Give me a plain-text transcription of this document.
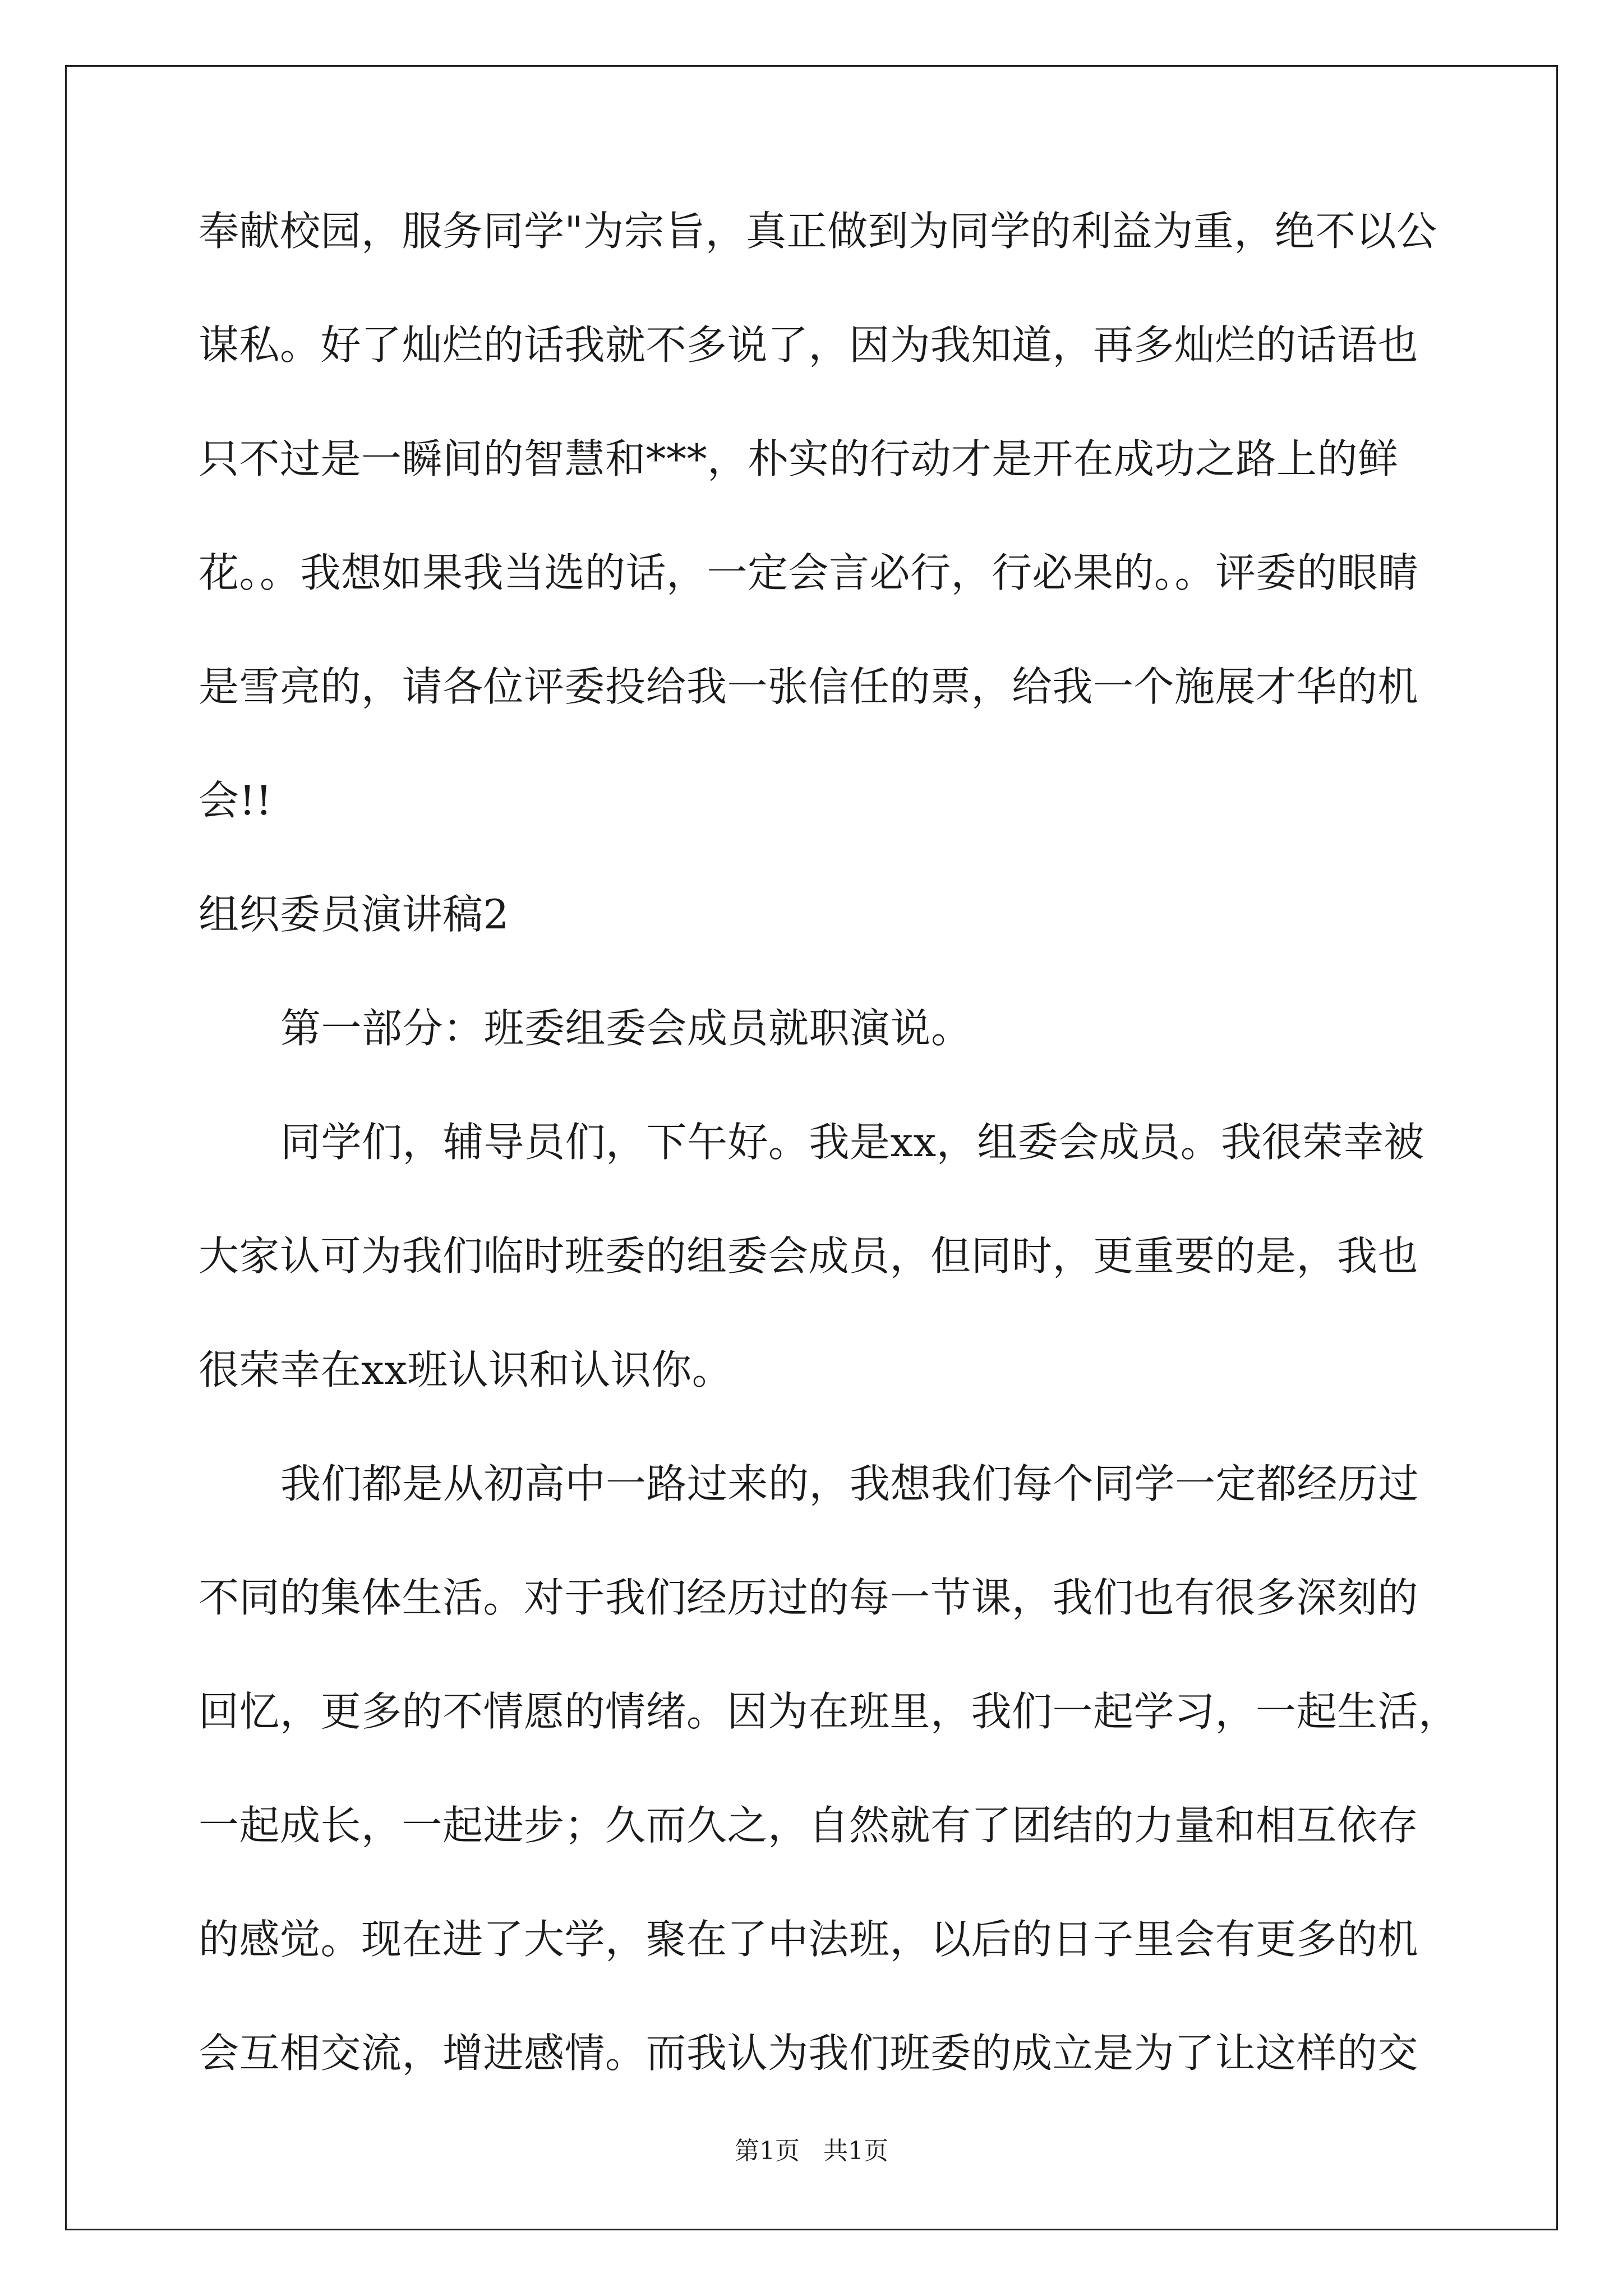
奉献校园，服务同学"为宗旨，真正做到为同学的利益为重，绝不以公
谋私。好了灿烂的话我就不多说了，因为我知道，再多灿烂的话语也
只不过是一瞬间的智慧和***，朴实的行动才是开在成功之路上的鲜
花。。我想如果我当选的话，一定会言必行，行必果的。。评委的眼睛
是雪亮的，请各位评委投给我一张信任的票，给我一个施展才华的机
会!!
组织委员演讲稿2
第一部分：班委组委会成员就职演说。
同学们，辅导员们，下午好。我是xx，组委会成员。我很荣幸被
大家认可为我们临时班委的组委会成员，但同时，更重要的是，我也
很荣幸在xx班认识和认识你。
我们都是从初高中一路过来的，我想我们每个同学一定都经历过
不同的集体生活。对于我们经历过的每一节课，我们也有很多深刻的
回忆，更多的不情愿的情绪。因为在班里，我们一起学习，一起生活，
一起成长，一起进步；久而久之，自然就有了团结的力量和相互依存
的感觉。现在进了大学，聚在了中法班，以后的日子里会有更多的机
会互相交流，增进感情。而我认为我们班委的成立是为了让这样的交
第1页   共1页
